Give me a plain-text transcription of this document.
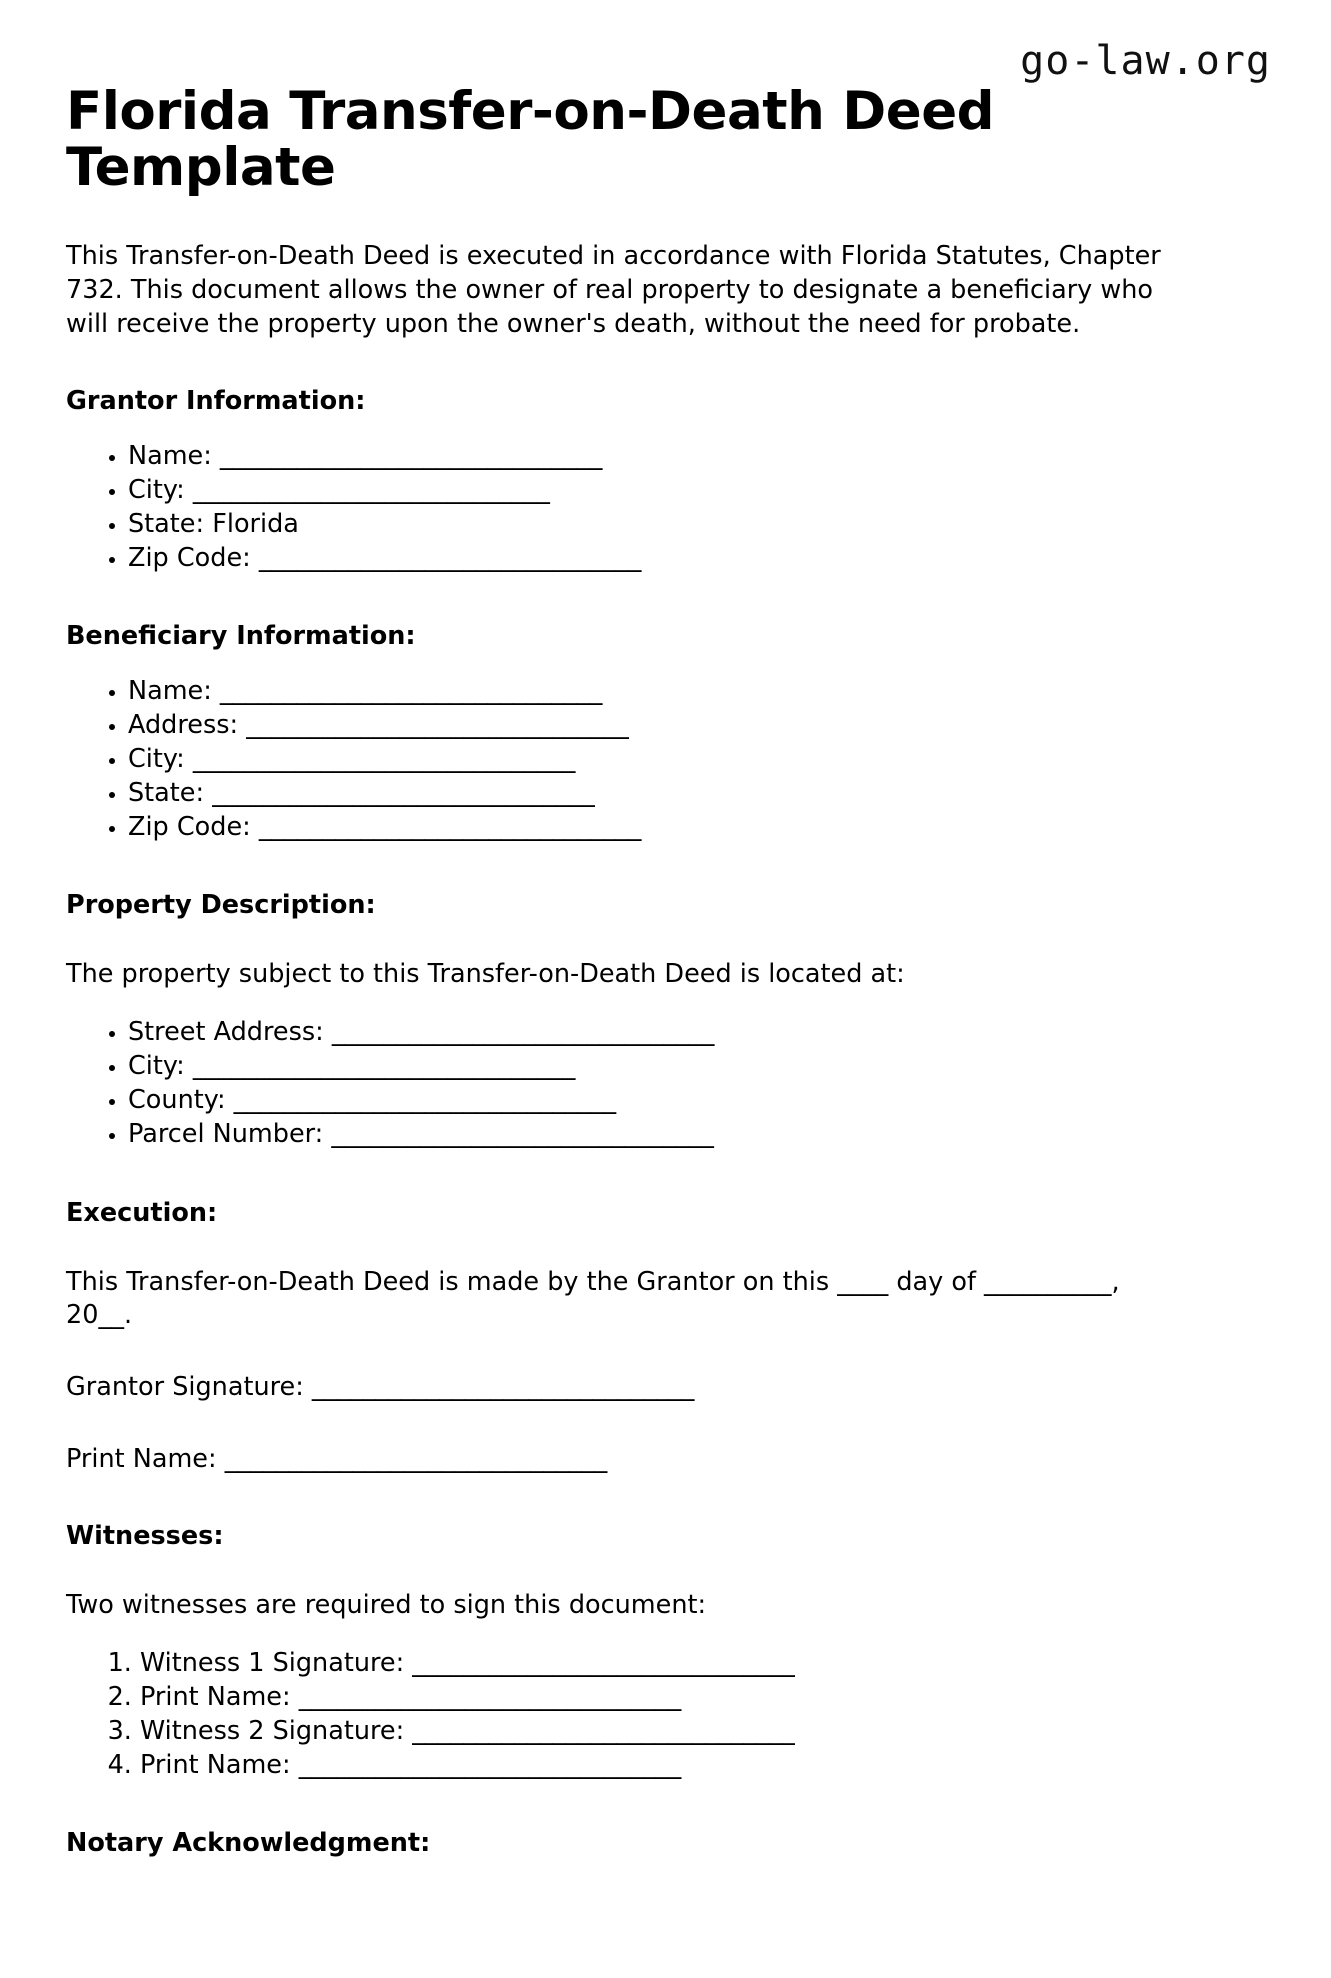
go-law.org
Florida Transfer-on-Death Deed Template

This Transfer-on-Death Deed is executed in accordance with Florida Statutes, Chapter 732. This document allows the owner of real property to designate a beneficiary who will receive the property upon the owner's death, without the need for probate.

Grantor Information:
• Name: ______________________________
• City: ____________________________
• State: Florida
• Zip Code: ______________________________
Beneficiary Information:
• Name: ______________________________
• Address: ______________________________
• City: ______________________________
• State: ______________________________
• Zip Code: ______________________________
Property Description:

The property subject to this Transfer-on-Death Deed is located at:

• Street Address: ______________________________
• City: ______________________________
• County: ______________________________
• Parcel Number: ______________________________
Execution:

This Transfer-on-Death Deed is made by the Grantor on this ____ day of __________, 20__.

Grantor Signature: ______________________________

Print Name: ______________________________

Witnesses:

Two witnesses are required to sign this document:

1. Witness 1 Signature: ______________________________
2. Print Name: ______________________________
3. Witness 2 Signature: ______________________________
4. Print Name: ______________________________
Notary Acknowledgment:
